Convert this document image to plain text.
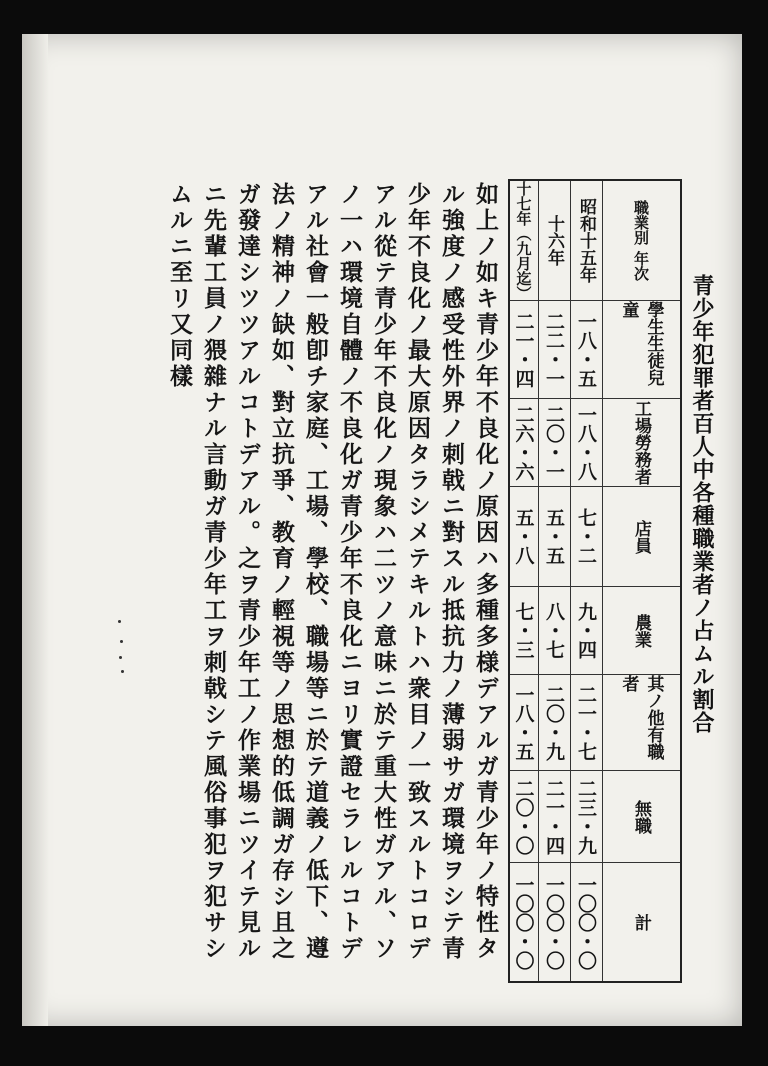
青少年犯罪者百人中各種職業者ノ占ムル割合
十七年（九月迄） 十六年 昭和十五年	職業別
年次
二一・四 二二・一 一八・五	學生生徒兒童
二六・六 二〇・一 一八・八	工場勞務者
五・八 五・五 七・二	店員
七・三 八・七 九・四	農業
一八・五 二〇・九 二一・七	其ノ他有職者
二〇・〇 二一・四 二三・九	無職
一〇〇・〇 一〇〇・〇 一〇〇・〇	計

如上ノ如キ青少年不良化ノ原因ハ多種多様デアルガ青少年ノ特性タル強度ノ感受性外界ノ刺戟ニ對スル抵抗力ノ薄弱サガ環境ヲシテ青少年不良化ノ最大原因タラシメテキルトハ衆目ノ一致スルトコロデアル從テ青少年不良化ノ現象ハ二ツノ意味ニ於テ重大性ガアル、ソノ一ハ環境自體ノ不良化ガ青少年不良化ニヨリ實證セラレルコトデアル社會一般卽チ家庭、工場、學校、職場等ニ於テ道義ノ低下、遵法ノ精神ノ缺如、對立抗爭、教育ノ輕視等ノ思想的低調ガ存シ且之ガ發達シツツアルコトデアル。之ヲ青少年工ノ作業場ニツイテ見ルニ先輩工員ノ猥雜ナル言動ガ青少年工ヲ刺戟シテ風俗事犯ヲ犯サシムルニ至リ又同樣
